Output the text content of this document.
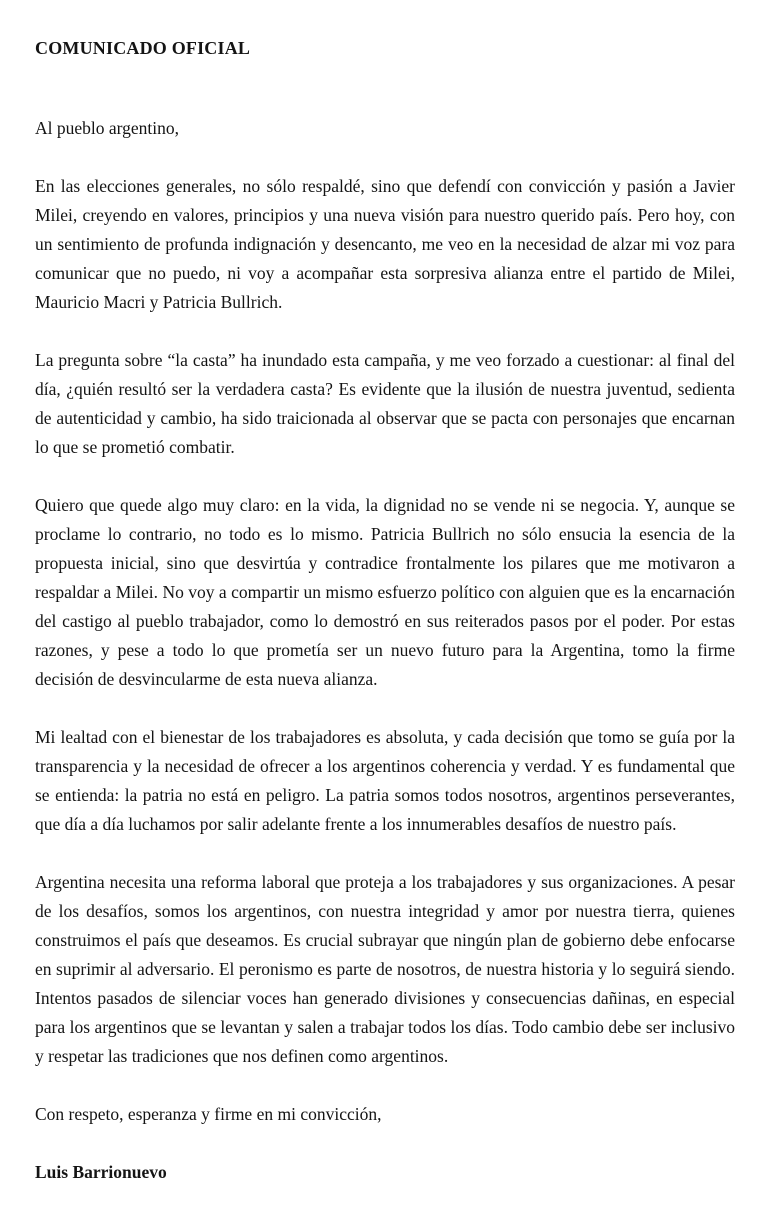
COMUNICADO OFICIAL

Al pueblo argentino,

En las elecciones generales, no sólo respaldé, sino que defendí con convicción y pasión a Javier Milei, creyendo en valores, principios y una nueva visión para nuestro querido país. Pero hoy, con un sentimiento de profunda indignación y desencanto, me veo en la necesidad de alzar mi voz para comunicar que no puedo, ni voy a acompañar esta sorpresiva alianza entre el partido de Milei, Mauricio Macri y Patricia Bullrich.

La pregunta sobre “la casta” ha inundado esta campaña, y me veo forzado a cuestionar: al final del día, ¿quién resultó ser la verdadera casta? Es evidente que la ilusión de nuestra juventud, sedienta de autenticidad y cambio, ha sido traicionada al observar que se pacta con personajes que encarnan lo que se prometió combatir.

Quiero que quede algo muy claro: en la vida, la dignidad no se vende ni se negocia. Y, aunque se proclame lo contrario, no todo es lo mismo. Patricia Bullrich no sólo ensucia la esencia de la propuesta inicial, sino que desvirtúa y contradice frontalmente los pilares que me motivaron a respaldar a Milei. No voy a compartir un mismo esfuerzo político con alguien que es la encarnación del castigo al pueblo trabajador, como lo demostró en sus reiterados pasos por el poder. Por estas razones, y pese a todo lo que prometía ser un nuevo futuro para la Argentina, tomo la firme decisión de desvincularme de esta nueva alianza.

Mi lealtad con el bienestar de los trabajadores es absoluta, y cada decisión que tomo se guía por la transparencia y la necesidad de ofrecer a los argentinos coherencia y verdad. Y es fundamental que se entienda: la patria no está en peligro. La patria somos todos nosotros, argentinos perseverantes, que día a día luchamos por salir adelante frente a los innumerables desafíos de nuestro país.

Argentina necesita una reforma laboral que proteja a los trabajadores y sus organizaciones. A pesar de los desafíos, somos los argentinos, con nuestra integridad y amor por nuestra tierra, quienes construimos el país que deseamos. Es crucial subrayar que ningún plan de gobierno debe enfocarse en suprimir al adversario. El peronismo es parte de nosotros, de nuestra historia y lo seguirá siendo. Intentos pasados de silenciar voces han generado divisiones y consecuencias dañinas, en especial para los argentinos que se levantan y salen a trabajar todos los días. Todo cambio debe ser inclusivo y respetar las tradiciones que nos definen como argentinos.

Con respeto, esperanza y firme en mi convicción,

Luis Barrionuevo
